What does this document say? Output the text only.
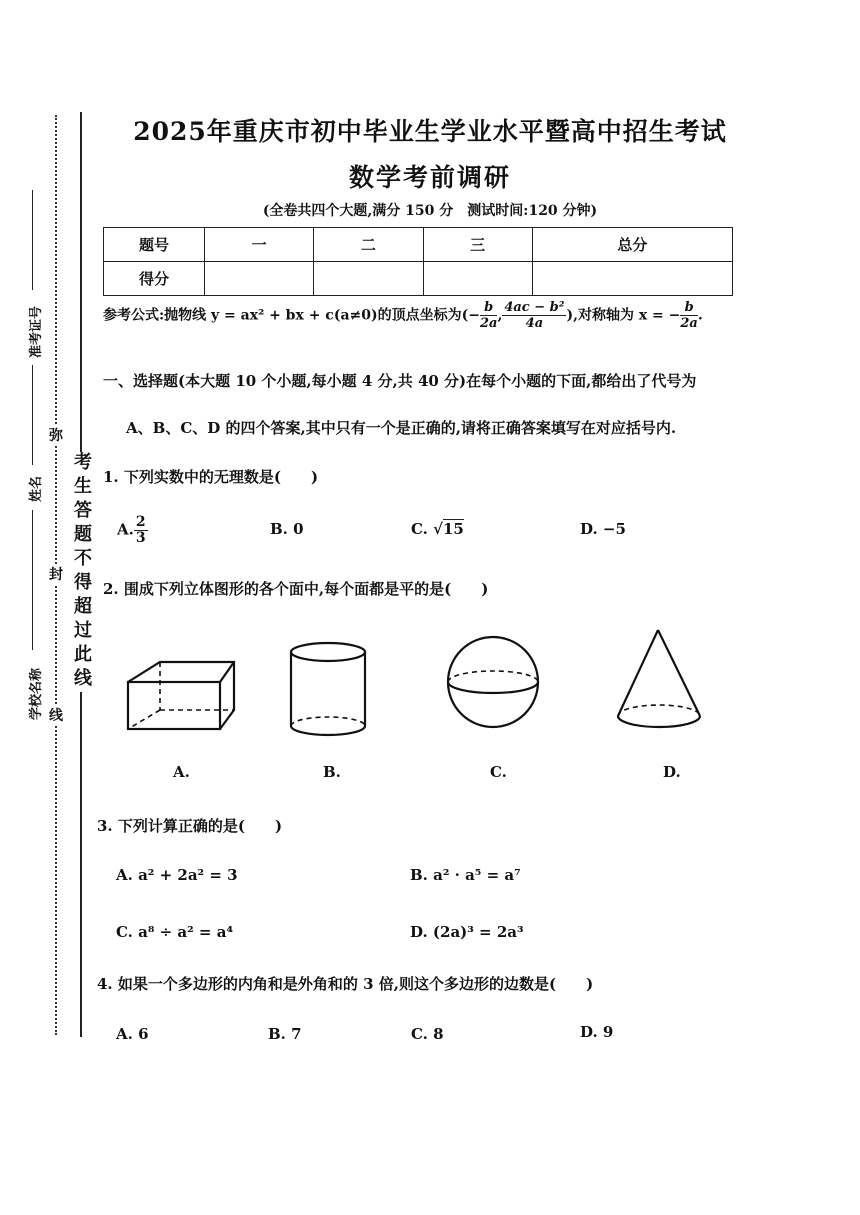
弥
封
线
考生答题不得超过此线
准考证号
姓名
学校名称
2025年重庆市初中毕业生学业水平暨高中招生考试
数学考前调研
(全卷共四个大题,满分 150 分　测试时间:120 分钟)
题号	一	二	三	总分
得分				
参考公式:抛物线 y = ax² + bx + c(a≠0)的顶点坐标为(− $\frac{b}{2a}$ , $\frac{\text{4ac − b²}}{4a}$ ),对称轴为 x = − $\frac{b}{2a}$ .
一、选择题(本大题 10 个小题,每小题 4 分,共 40 分)在每个小题的下面,都给出了代号为
A、B、C、D 的四个答案,其中只有一个是正确的,请将正确答案填写在对应括号内.
1. 下列实数中的无理数是(　　)
A. $\frac{2}{3}$	B. 0	C. √15	D. −5
2. 围成下列立体图形的各个面中,每个面都是平的是(　　)
A.	B.	C.	D.
3. 下列计算正确的是(　　)
A. a² + 2a² = 3	B. a² · a⁵ = a⁷
C. a⁸ ÷ a² = a⁴	D. (2a)³ = 2a³
4. 如果一个多边形的内角和是外角和的 3 倍,则这个多边形的边数是(　　)
A. 6	B. 7	C. 8	D. 9
